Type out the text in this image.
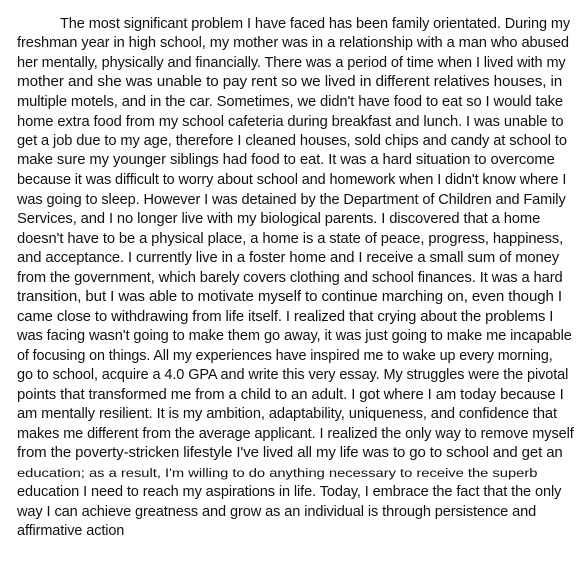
The most significant problem I have faced has been family orientated. During my
freshman year in high school, my mother was in a relationship with a man who abused
her mentally, physically and financially. There was a period of time when I lived with my
mother and she was unable to pay rent so we lived in different relatives houses, in
multiple motels, and in the car. Sometimes, we didn't have food to eat so I would take
home extra food from my school cafeteria during breakfast and lunch. I was unable to
get a job due to my age, therefore I cleaned houses, sold chips and candy at school to
make sure my younger siblings had food to eat. It was a hard situation to overcome
because it was difficult to worry about school and homework when I didn't know where I
was going to sleep. However I was detained by the Department of Children and Family
Services, and I no longer live with my biological parents. I discovered that a home
doesn't have to be a physical place, a home is a state of peace, progress, happiness,
and acceptance. I currently live in a foster home and I receive a small sum of money
from the government, which barely covers clothing and school finances. It was a hard
transition, but I was able to motivate myself to continue marching on, even though I
came close to withdrawing from life itself. I realized that crying about the problems I
was facing wasn't going to make them go away, it was just going to make me incapable
of focusing on things. All my experiences have inspired me to wake up every morning,
go to school, acquire a 4.0 GPA and write this very essay. My struggles were the pivotal
points that transformed me from a child to an adult. I got where I am today because I
am mentally resilient. It is my ambition, adaptability, uniqueness, and confidence that
makes me different from the average applicant. I realized the only way to remove myself
from the poverty-stricken lifestyle I've lived all my life was to go to school and get an
education; as a result, I'm willing to do anything necessary to receive the superb
education I need to reach my aspirations in life. Today, I embrace the fact that the only
way I can achieve greatness and grow as an individual is through persistence and
affirmative action
